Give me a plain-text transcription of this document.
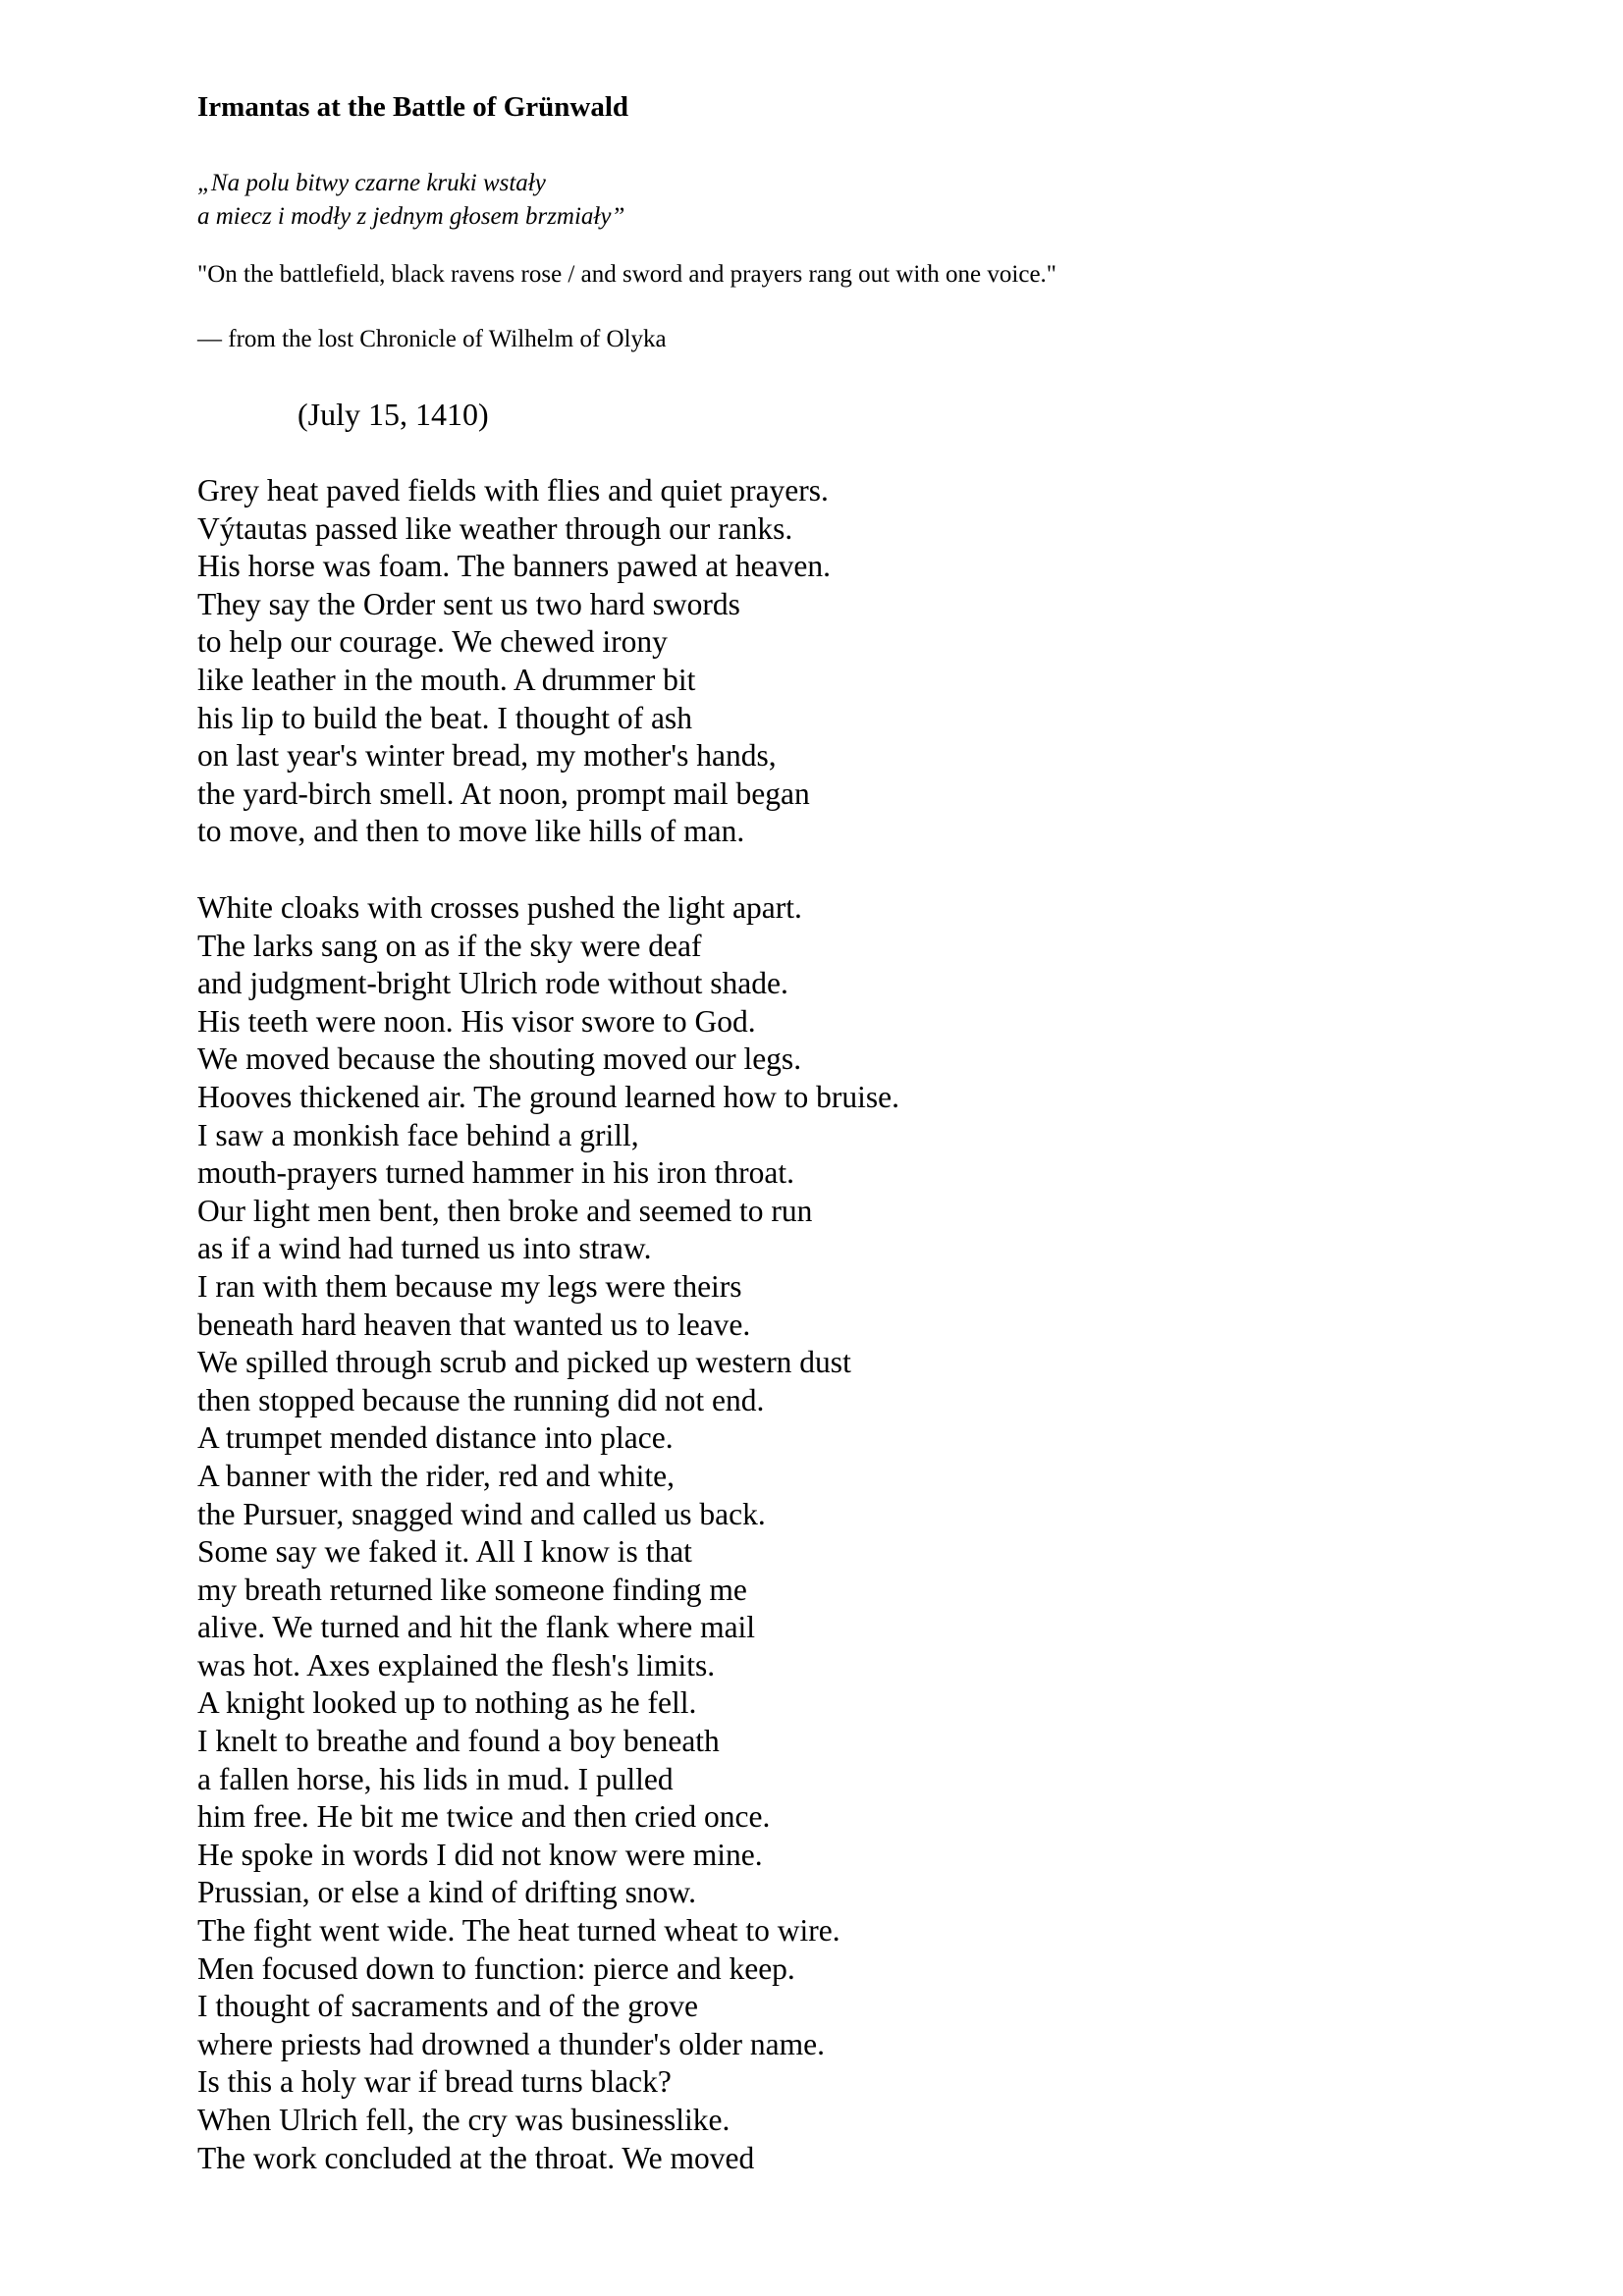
Irmantas at the Battle of Grünwald
„Na polu bitwy czarne kruki wstały
a miecz i modły z jednym głosem brzmiały”
"On the battlefield, black ravens rose / and sword and prayers rang out with one voice."
— from the lost Chronicle of Wilhelm of Olyka
(July 15, 1410)
Grey heat paved fields with flies and quiet prayers.
Výtautas passed like weather through our ranks.
His horse was foam. The banners pawed at heaven.
They say the Order sent us two hard swords
to help our courage. We chewed irony
like leather in the mouth. A drummer bit
his lip to build the beat. I thought of ash
on last year's winter bread, my mother's hands,
the yard-birch smell. At noon, prompt mail began
to move, and then to move like hills of man.
White cloaks with crosses pushed the light apart.
The larks sang on as if the sky were deaf
and judgment-bright Ulrich rode without shade.
His teeth were noon. His visor swore to God.
We moved because the shouting moved our legs.
Hooves thickened air. The ground learned how to bruise.
I saw a monkish face behind a grill,
mouth-prayers turned hammer in his iron throat.
Our light men bent, then broke and seemed to run
as if a wind had turned us into straw.
I ran with them because my legs were theirs
beneath hard heaven that wanted us to leave.
We spilled through scrub and picked up western dust
then stopped because the running did not end.
A trumpet mended distance into place.
A banner with the rider, red and white,
the Pursuer, snagged wind and called us back.
Some say we faked it. All I know is that
my breath returned like someone finding me
alive. We turned and hit the flank where mail
was hot. Axes explained the flesh's limits.
A knight looked up to nothing as he fell.
I knelt to breathe and found a boy beneath
a fallen horse, his lids in mud. I pulled
him free. He bit me twice and then cried once.
He spoke in words I did not know were mine.
Prussian, or else a kind of drifting snow.
The fight went wide. The heat turned wheat to wire.
Men focused down to function: pierce and keep.
I thought of sacraments and of the grove
where priests had drowned a thunder's older name.
Is this a holy war if bread turns black?
When Ulrich fell, the cry was businesslike.
The work concluded at the throat. We moved
